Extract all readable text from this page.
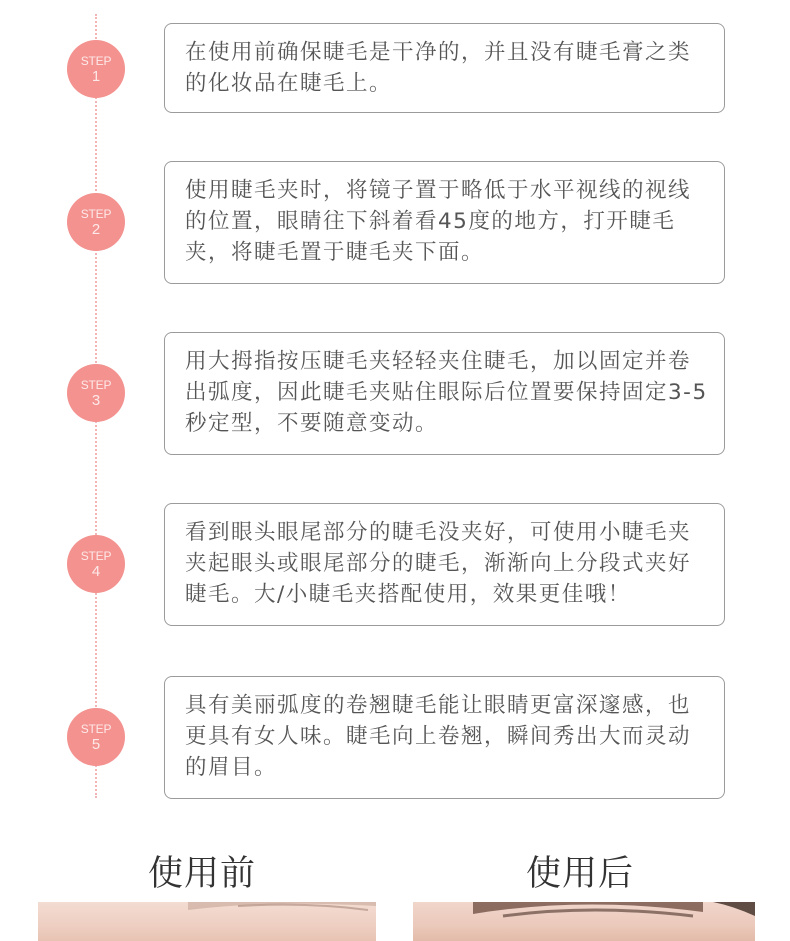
STEP
1

在使用前确保睫毛是干净的，并且没有睫毛膏之类的化妆品在睫毛上。

STEP
2

使用睫毛夹时，将镜子置于略低于水平视线的视线的位置，眼睛往下斜着看45度的地方，打开睫毛夹，将睫毛置于睫毛夹下面。

STEP
3

用大拇指按压睫毛夹轻轻夹住睫毛，加以固定并卷出弧度，因此睫毛夹贴住眼际后位置要保持固定3-5秒定型，不要随意变动。

STEP
4

看到眼头眼尾部分的睫毛没夹好，可使用小睫毛夹夹起眼头或眼尾部分的睫毛，渐渐向上分段式夹好睫毛。大/小睫毛夹搭配使用，效果更佳哦！

STEP
5

具有美丽弧度的卷翘睫毛能让眼睛更富深邃感，也更具有女人味。睫毛向上卷翘，瞬间秀出大而灵动的眉目。

使用前	使用后
